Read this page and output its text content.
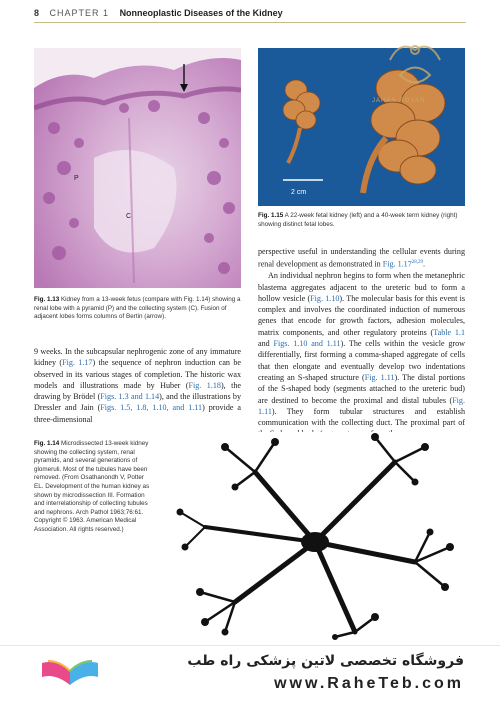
8 CHAPTER 1 Nonneoplastic Diseases of the Kidney
P
C
Fig. 1.13 Kidney from a 13-week fetus (compare with Fig. 1.14) showing a renal lobe with a pyramid (P) and the collecting system (C). Fusion of adjacent lobes forms columns of Bertin (arrow).
2 cm
JAHAN ROYAN
Fig. 1.15 A 22-week fetal kidney (left) and a 40-week term kidney (right) showing distinct fetal lobes.

perspective useful in understanding the cellular events during renal development as demonstrated in Fig. 1.17$^{28,29}$.

An individual nephron begins to form when the metanephric blastema aggregates adjacent to the ureteric bud to form a hollow vesicle (Fig. 1.10). The molecular basis for this event is complex and involves the coordinated induction of numerous genes that encode for growth factors, adhesion molecules, matrix components, and other regulatory proteins (Table 1.1 and Figs. 1.10 and 1.11). The cells within the vesicle grow differentially, first forming a comma-shaped aggregate of cells that then elongate and eventually develop two indentations creating an S-shaped structure (Fig. 1.11). The distal portions of the S-shaped body (segments attached to the ureteric bud) are destined to become the proximal and distal tubules (Fig. 1.11). They form tubular structures and establish communication with the collecting duct. The proximal part of

9 weeks. In the subcapsular nephrogenic zone of any immature kidney (Fig. 1.17) the sequence of nephron induction can be observed in its various stages of completion. The historic wax models and illustrations made by Huber (Fig. 1.18), the drawing by Brödel (Figs. 1.3 and 1.14), and the illustrations by Dressler and Jain (Figs. 1.5, 1.8, 1.10, and 1.11) provide a three-dimensional

Fig. 1.14 Microdissected 13-week kidney showing the collecting system, renal pyramids, and several generations of glomeruli. Most of the tubules have been removed. (From Osathanondh V, Potter EL. Development of the human kidney as shown by microdissection III. Formation and interrelationship of collecting tubules and nephrons. Arch Pathol 1963;76:61. Copyright © 1963. American Medical Association. All rights reserved.)
فروشگاه تخصصی لاتین پزشکی راه طب
www.RaheTeb.com
